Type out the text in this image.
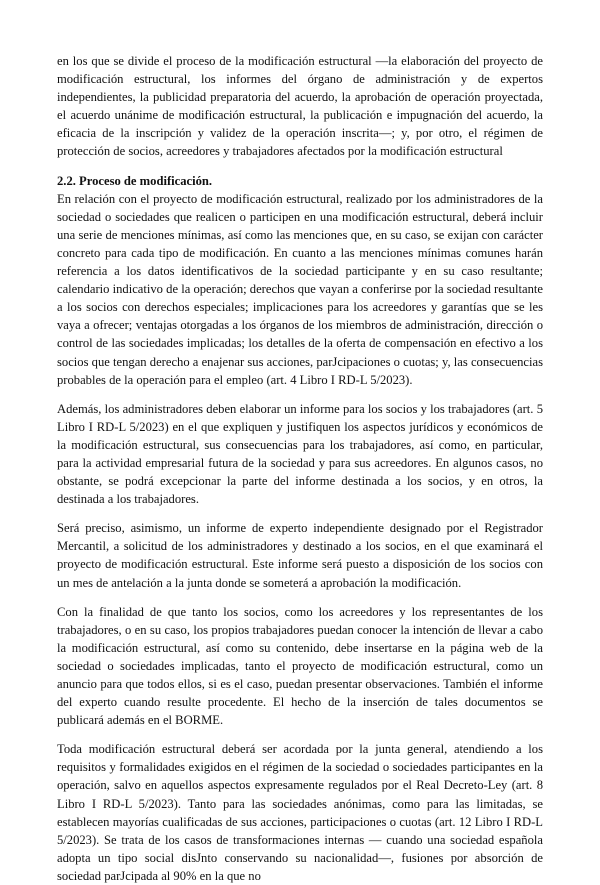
en los que se divide el proceso de la modificación estructural —la elaboración del proyecto de modificación estructural, los informes del órgano de administración y de expertos independientes, la publicidad preparatoria del acuerdo, la aprobación de operación proyectada, el acuerdo unánime de modificación estructural, la publicación e impugnación del acuerdo, la eficacia de la inscripción y validez de la operación inscrita—; y, por otro, el régimen de protección de socios, acreedores y trabajadores afectados por la modificación estructural

2.2. Proceso de modificación.

En relación con el proyecto de modificación estructural, realizado por los administradores de la sociedad o sociedades que realicen o participen en una modificación estructural, deberá incluir una serie de menciones mínimas, así como las menciones que, en su caso, se exijan con carácter concreto para cada tipo de modificación. En cuanto a las menciones mínimas comunes harán referencia a los datos identificativos de la sociedad participante y en su caso resultante; calendario indicativo de la operación; derechos que vayan a conferirse por la sociedad resultante a los socios con derechos especiales; implicaciones para los acreedores y garantías que se les vaya a ofrecer; ventajas otorgadas a los órganos de los miembros de administración, dirección o control de las sociedades implicadas; los detalles de la oferta de compensación en efectivo a los socios que tengan derecho a enajenar sus acciones, parJcipaciones o cuotas; y, las consecuencias probables de la operación para el empleo (art. 4 Libro I RD-L 5/2023).

Además, los administradores deben elaborar un informe para los socios y los trabajadores (art. 5 Libro I RD-L 5/2023) en el que expliquen y justifiquen los aspectos jurídicos y económicos de la modificación estructural, sus consecuencias para los trabajadores, así como, en particular, para la actividad empresarial futura de la sociedad y para sus acreedores. En algunos casos, no obstante, se podrá excepcionar la parte del informe destinada a los socios, y en otros, la destinada a los trabajadores.

Será preciso, asimismo, un informe de experto independiente designado por el Registrador Mercantil, a solicitud de los administradores y destinado a los socios, en el que examinará el proyecto de modificación estructural. Este informe será puesto a disposición de los socios con un mes de antelación a la junta donde se someterá a aprobación la modificación.

Con la finalidad de que tanto los socios, como los acreedores y los representantes de los trabajadores, o en su caso, los propios trabajadores puedan conocer la intención de llevar a cabo la modificación estructural, así como su contenido, debe insertarse en la página web de la sociedad o sociedades implicadas, tanto el proyecto de modificación estructural, como un anuncio para que todos ellos, si es el caso, puedan presentar observaciones. También el informe del experto cuando resulte procedente. El hecho de la inserción de tales documentos se publicará además en el BORME.

Toda modificación estructural deberá ser acordada por la junta general, atendiendo a los requisitos y formalidades exigidos en el régimen de la sociedad o sociedades participantes en la operación, salvo en aquellos aspectos expresamente regulados por el Real Decreto-Ley (art. 8 Libro I RD-L 5/2023). Tanto para las sociedades anónimas, como para las limitadas, se establecen mayorías cualificadas de sus acciones, participaciones o cuotas (art. 12 Libro I RD-L 5/2023). Se trata de los casos de transformaciones internas — cuando una sociedad española adopta un tipo social disJnto conservando su nacionalidad—, fusiones por absorción de sociedad parJcipada al 90% en la que no
